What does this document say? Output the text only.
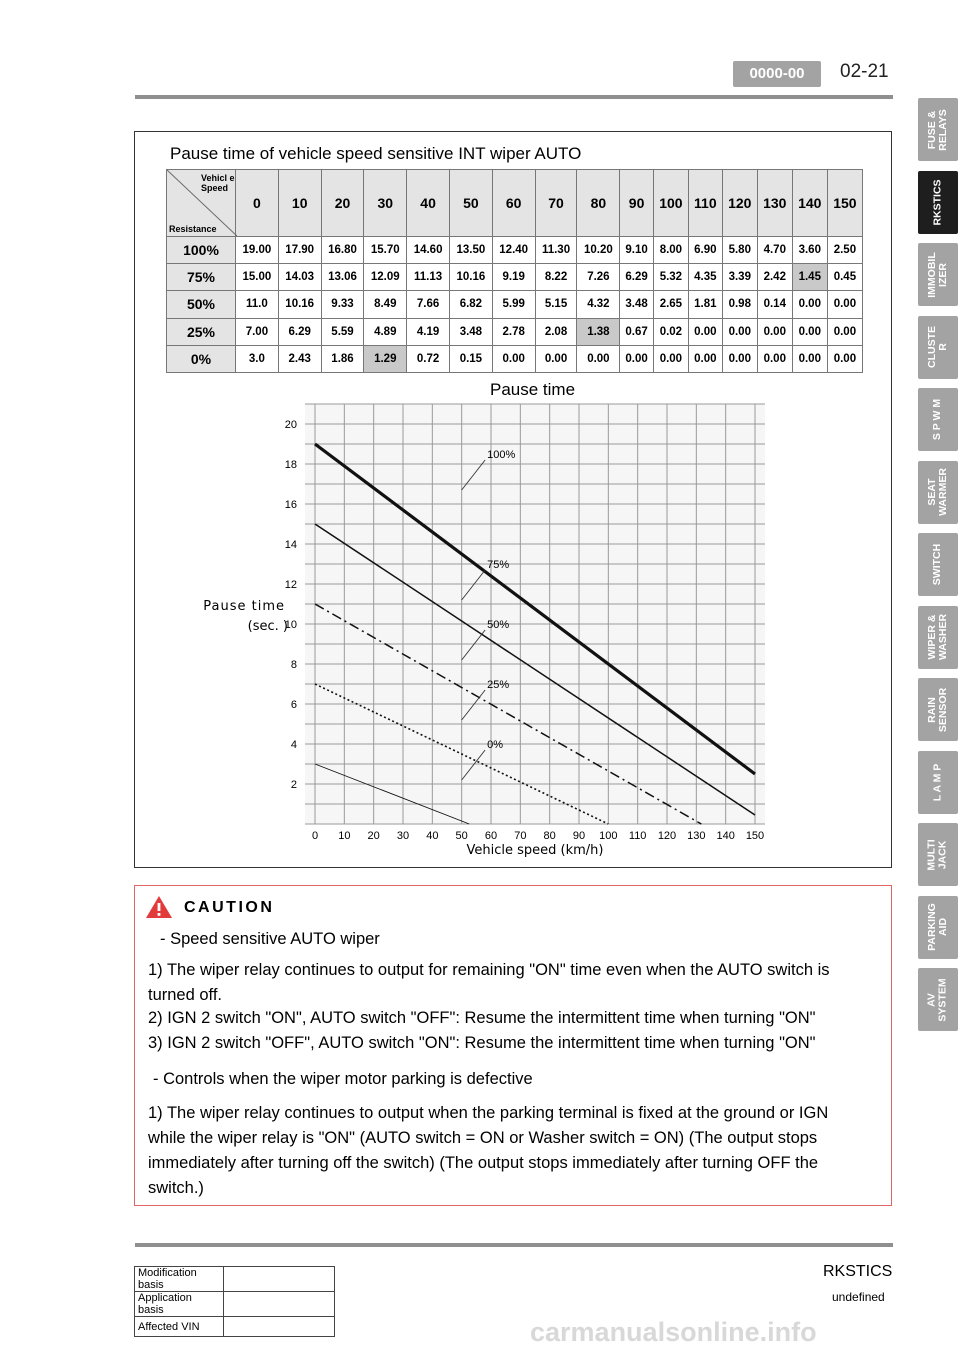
0000-00	02-21
FUSE &
RELAYS
RKSTICS
IMMOBIL
IZER
CLUSTE
R
S P W M
SEAT
WARMER
SWITCH
WIPER &
WASHER
RAIN
SENSOR
L A M P
MULTI
JACK
PARKING
AID
AV
SYSTEM
Pause time of vehicle speed sensitive INT wiper AUTO
Vehicl e
Speed
Resistance	0	10	20	30	40	50	60	70	80	90	100	110	120	130	140	150
100%	19.00	17.90	16.80	15.70	14.60	13.50	12.40	11.30	10.20	9.10	8.00	6.90	5.80	4.70	3.60	2.50
75%	15.00	14.03	13.06	12.09	11.13	10.16	9.19	8.22	7.26	6.29	5.32	4.35	3.39	2.42	1.45	0.45
50%	11.0	10.16	9.33	8.49	7.66	6.82	5.99	5.15	4.32	3.48	2.65	1.81	0.98	0.14	0.00	0.00
25%	7.00	6.29	5.59	4.89	4.19	3.48	2.78	2.08	1.38	0.67	0.02	0.00	0.00	0.00	0.00	0.00
0%	3.0	2.43	1.86	1.29	0.72	0.15	0.00	0.00	0.00	0.00	0.00	0.00	0.00	0.00	0.00	0.00
Pause time
0 10 20 30 40 50 60 70 80 90 100 110 120 130 140 150
2
4
6
8
10
12
14
16
18
20
100%
75%
50%
25%
0%
Pause time
(sec. )
Vehicle speed (km/h)
CAUTION
- Speed sensitive AUTO wiper
1) The wiper relay continues to output for remaining "ON" time even when the AUTO switch is turned off.
2) IGN 2 switch "ON", AUTO switch "OFF": Resume the intermittent time when turning "ON"
3) IGN 2 switch "OFF", AUTO switch "ON": Resume the intermittent time when turning "ON"
- Controls when the wiper motor parking is defective
1) The wiper relay continues to output when the parking terminal is fixed at the ground or IGN while the wiper relay is "ON" (AUTO switch = ON or Washer switch = ON) (The output stops immediately after turning off the switch) (The output stops immediately after turning OFF the switch.)
RKSTICS
undefined
Modification basis	
Application basis	
Affected VIN		carmanualsonline.info
